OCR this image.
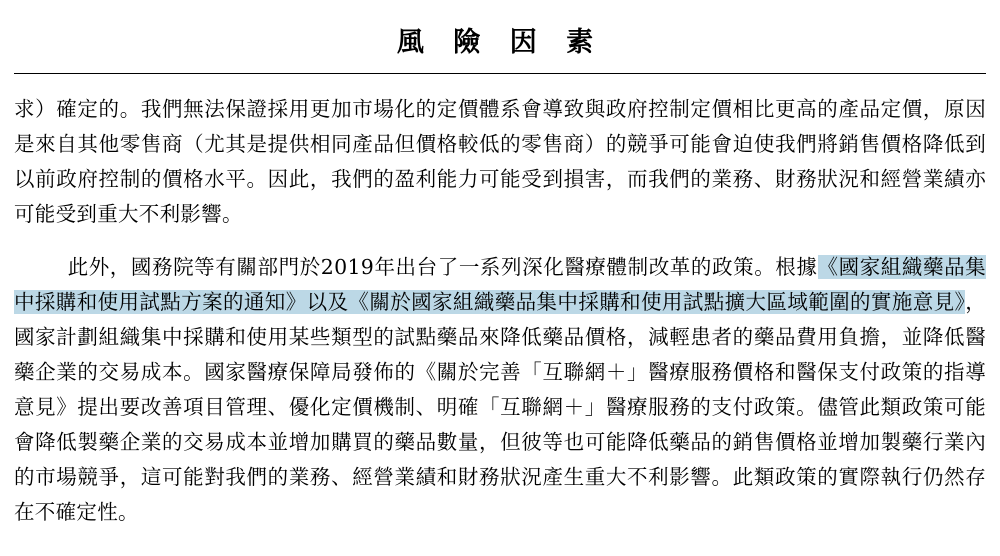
風 險 因 素

求）確定的。我們無法保證採用更加市場化的定價體系會導致與政府控制定價相比更高的產品定價，原因是來自其他零售商（尤其是提供相同產品但價格較低的零售商）的競爭可能會迫使我們將銷售價格降低到以前政府控制的價格水平。因此，我們的盈利能力可能受到損害，而我們的業務、財務狀況和經營業績亦可能受到重大不利影響。

此外，國務院等有關部門於2019年出台了一系列深化醫療體制改革的政策。根據《國家組織藥品集中採購和使用試點方案的通知》以及《關於國家組織藥品集中採購和使用試點擴大區域範圍的實施意見》，國家計劃組織集中採購和使用某些類型的試點藥品來降低藥品價格，減輕患者的藥品費用負擔，並降低醫藥企業的交易成本。國家醫療保障局發佈的《關於完善「互聯網＋」醫療服務價格和醫保支付政策的指導意見》提出要改善項目管理、優化定價機制、明確「互聯網＋」醫療服務的支付政策。儘管此類政策可能會降低製藥企業的交易成本並增加購買的藥品數量，但彼等也可能降低藥品的銷售價格並增加製藥行業內的市場競爭，這可能對我們的業務、經營業績和財務狀況產生重大不利影響。此類政策的實際執行仍然存在不確定性。
